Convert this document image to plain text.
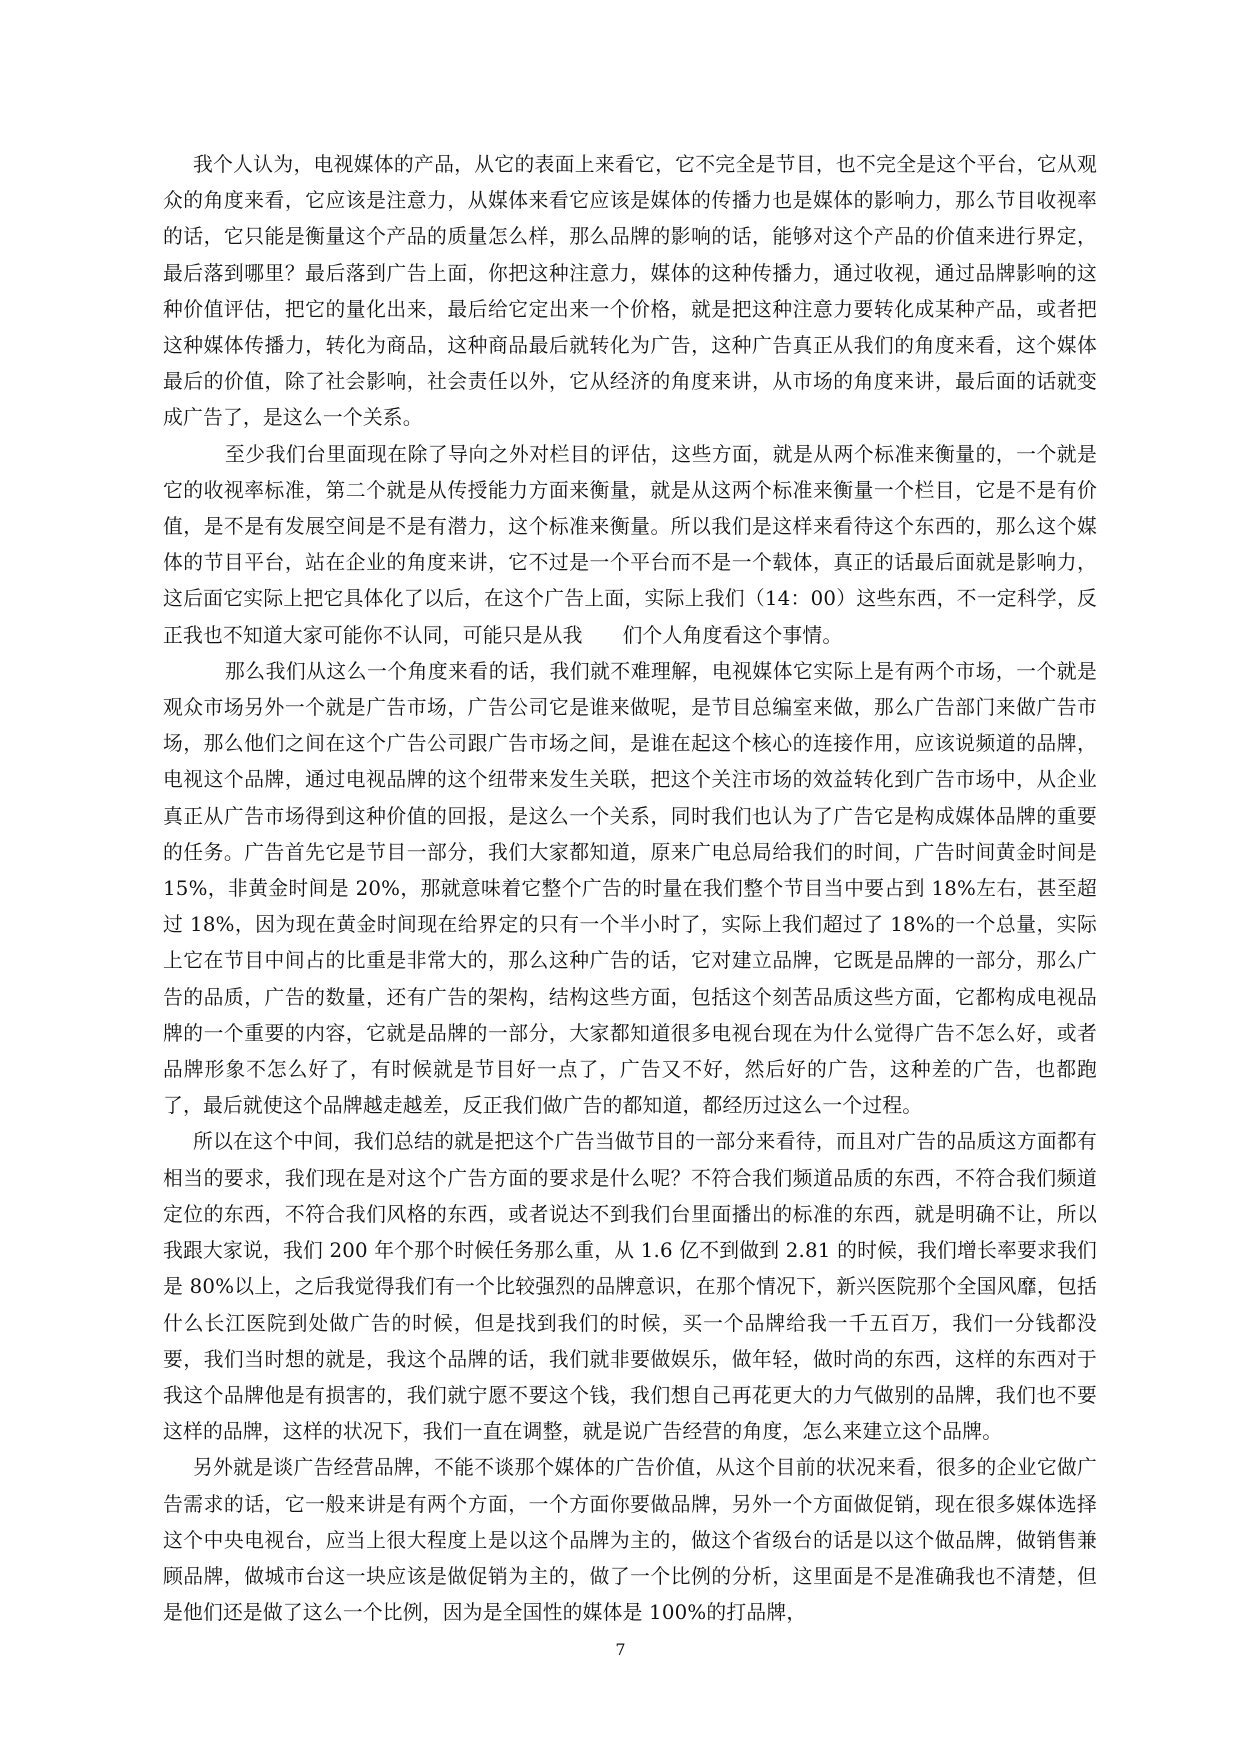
我个人认为，电视媒体的产品，从它的表面上来看它，它不完全是节目，也不完全是这个平台，它从观众的角度来看，它应该是注意力，从媒体来看它应该是媒体的传播力也是媒体的影响力，那么节目收视率的话，它只能是衡量这个产品的质量怎么样，那么品牌的影响的话，能够对这个产品的价值来进行界定，最后落到哪里？最后落到广告上面，你把这种注意力，媒体的这种传播力，通过收视，通过品牌影响的这种价值评估，把它的量化出来，最后给它定出来一个价格，就是把这种注意力要转化成某种产品，或者把这种媒体传播力，转化为商品，这种商品最后就转化为广告，这种广告真正从我们的角度来看，这个媒体最后的价值，除了社会影响，社会责任以外，它从经济的角度来讲，从市场的角度来讲，最后面的话就变成广告了，是这么一个关系。

至少我们台里面现在除了导向之外对栏目的评估，这些方面，就是从两个标准来衡量的，一个就是它的收视率标准，第二个就是从传授能力方面来衡量，就是从这两个标准来衡量一个栏目，它是不是有价值，是不是有发展空间是不是有潜力，这个标准来衡量。所以我们是这样来看待这个东西的，那么这个媒体的节目平台，站在企业的角度来讲，它不过是一个平台而不是一个载体，真正的话最后面就是影响力，这后面它实际上把它具体化了以后，在这个广告上面，实际上我们（14：00）这些东西，不一定科学，反正我也不知道大家可能你不认同，可能只是从我　　们个人角度看这个事情。

那么我们从这么一个角度来看的话，我们就不难理解，电视媒体它实际上是有两个市场，一个就是观众市场另外一个就是广告市场，广告公司它是谁来做呢，是节目总编室来做，那么广告部门来做广告市场，那么他们之间在这个广告公司跟广告市场之间，是谁在起这个核心的连接作用，应该说频道的品牌，电视这个品牌，通过电视品牌的这个纽带来发生关联，把这个关注市场的效益转化到广告市场中，从企业真正从广告市场得到这种价值的回报，是这么一个关系，同时我们也认为了广告它是构成媒体品牌的重要的任务。广告首先它是节目一部分，我们大家都知道，原来广电总局给我们的时间，广告时间黄金时间是 15%，非黄金时间是 20%，那就意味着它整个广告的时量在我们整个节目当中要占到 18%左右，甚至超过 18%，因为现在黄金时间现在给界定的只有一个半小时了，实际上我们超过了 18%的一个总量，实际上它在节目中间占的比重是非常大的，那么这种广告的话，它对建立品牌，它既是品牌的一部分，那么广告的品质，广告的数量，还有广告的架构，结构这些方面，包括这个刻苦品质这些方面，它都构成电视品牌的一个重要的内容，它就是品牌的一部分，大家都知道很多电视台现在为什么觉得广告不怎么好，或者品牌形象不怎么好了，有时候就是节目好一点了，广告又不好，然后好的广告，这种差的广告，也都跑了，最后就使这个品牌越走越差，反正我们做广告的都知道，都经历过这么一个过程。

所以在这个中间，我们总结的就是把这个广告当做节目的一部分来看待，而且对广告的品质这方面都有相当的要求，我们现在是对这个广告方面的要求是什么呢？不符合我们频道品质的东西，不符合我们频道定位的东西，不符合我们风格的东西，或者说达不到我们台里面播出的标准的东西，就是明确不让，所以我跟大家说，我们 200 年个那个时候任务那么重，从 1.6 亿不到做到 2.81 的时候，我们增长率要求我们是 80%以上，之后我觉得我们有一个比较强烈的品牌意识，在那个情况下，新兴医院那个全国风靡，包括什么长江医院到处做广告的时候，但是找到我们的时候，买一个品牌给我一千五百万，我们一分钱都没要，我们当时想的就是，我这个品牌的话，我们就非要做娱乐，做年轻，做时尚的东西，这样的东西对于我这个品牌他是有损害的，我们就宁愿不要这个钱，我们想自己再花更大的力气做别的品牌，我们也不要这样的品牌，这样的状况下，我们一直在调整，就是说广告经营的角度，怎么来建立这个品牌。

另外就是谈广告经营品牌，不能不谈那个媒体的广告价值，从这个目前的状况来看，很多的企业它做广告需求的话，它一般来讲是有两个方面，一个方面你要做品牌，另外一个方面做促销，现在很多媒体选择这个中央电视台，应当上很大程度上是以这个品牌为主的，做这个省级台的话是以这个做品牌，做销售兼顾品牌，做城市台这一块应该是做促销为主的，做了一个比例的分析，这里面是不是准确我也不清楚，但是他们还是做了这么一个比例，因为是全国性的媒体是 100%的打品牌，

7
